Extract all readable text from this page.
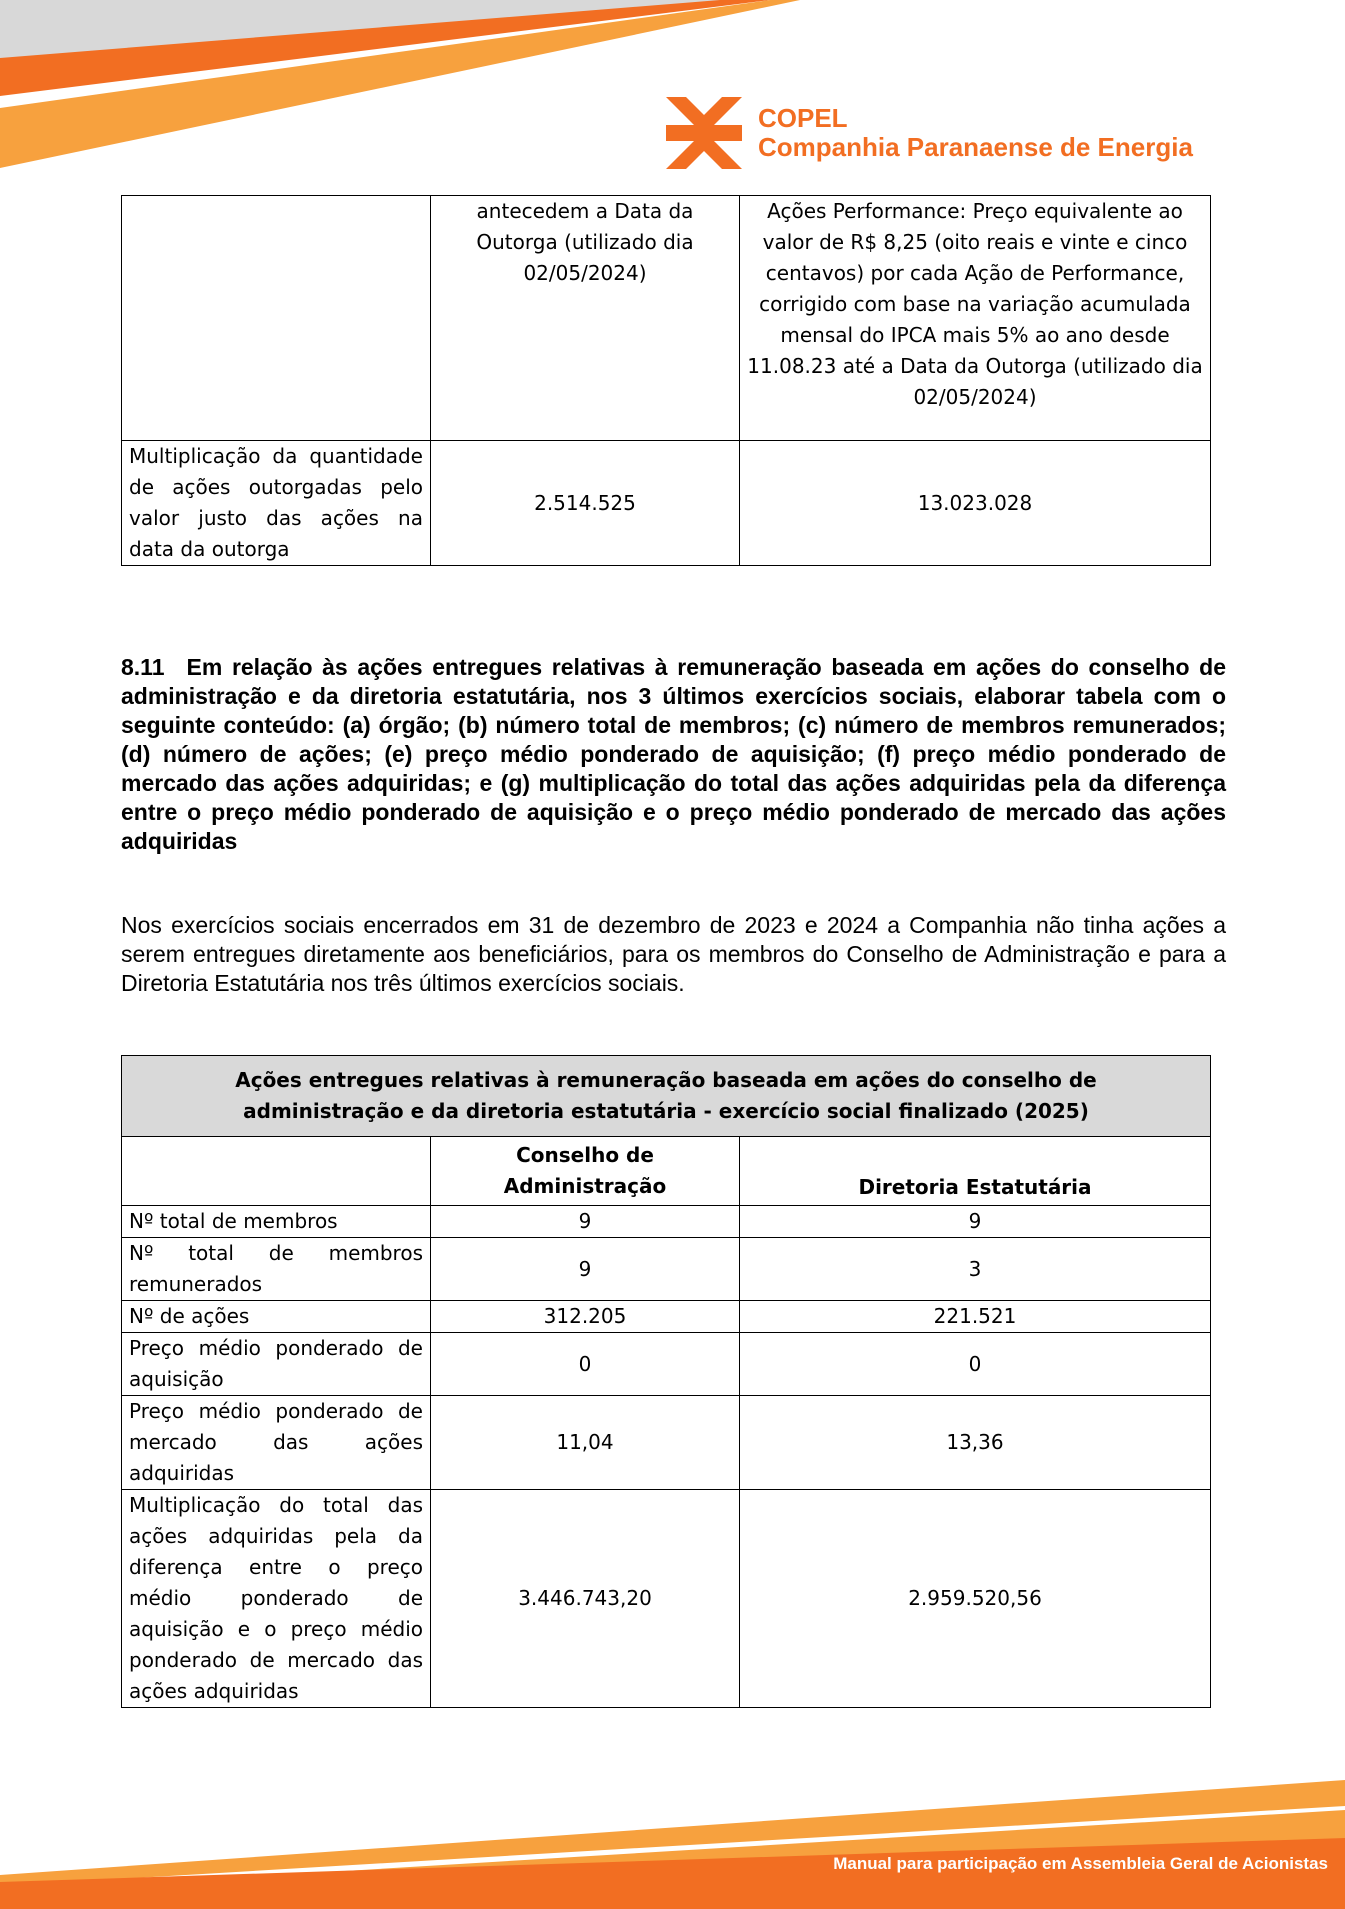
COPEL
Companhia Paranaense de Energia
	antecedem a Data da Outorga (utilizado dia 02/05/2024)	Ações Performance: Preço equivalente ao valor de R$ 8,25 (oito reais e vinte e cinco centavos) por cada Ação de Performance, corrigido com base na variação acumulada mensal do IPCA mais 5% ao ano desde 11.08.23 até a Data da Outorga (utilizado dia 02/05/2024)
Multiplicação da quantidade de ações outorgadas pelo valor justo das ações na data da outorga	2.514.525	13.023.028
8.11 Em relação às ações entregues relativas à remuneração baseada em ações do conselho de administração e da diretoria estatutária, nos 3 últimos exercícios sociais, elaborar tabela com o seguinte conteúdo: (a) órgão; (b) número total de membros; (c) número de membros remunerados; (d) número de ações; (e) preço médio ponderado de aquisição; (f) preço médio ponderado de mercado das ações adquiridas; e (g) multiplicação do total das ações adquiridas pela da diferença entre o preço médio ponderado de aquisição e o preço médio ponderado de mercado das ações adquiridas
Nos exercícios sociais encerrados em 31 de dezembro de 2023 e 2024 a Companhia não tinha ações a serem entregues diretamente aos beneficiários, para os membros do Conselho de Administração e para a Diretoria Estatutária nos três últimos exercícios sociais.
Ações entregues relativas à remuneração baseada em ações do conselho de administração e da diretoria estatutária - exercício social finalizado (2025)		
	Conselho de Administração	Diretoria Estatutária
Nº total de membros	9	9
Nº total de membros remunerados	9	3
Nº de ações	312.205	221.521
Preço médio ponderado de aquisição	0	0
Preço médio ponderado de mercado das ações adquiridas	11,04	13,36
Multiplicação do total das ações adquiridas pela da diferença entre o preço médio ponderado de aquisição e o preço médio ponderado de mercado das ações adquiridas	3.446.743,20	2.959.520,56
Manual para participação em Assembleia Geral de Acionistas
